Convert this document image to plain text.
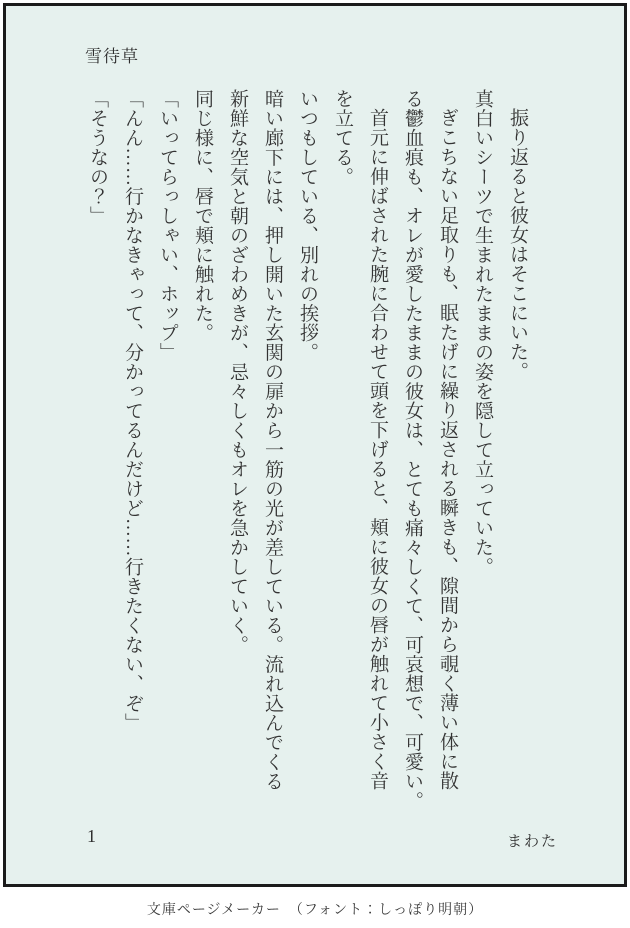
雪待草

振り返ると彼女はそこにいた。

真白いシーツで生まれたままの姿を隠して立っていた。

ぎこちない足取りも、眠たげに繰り返される瞬きも、隙間から覗く薄い体に散

る鬱血痕も、オレが愛したままの彼女は、とても痛々しくて、可哀想で、可愛い。

首元に伸ばされた腕に合わせて頭を下げると、頬に彼女の唇が触れて小さく音

を立てる。

いつもしている、別れの挨拶。

暗い廊下には、押し開いた玄関の扉から一筋の光が差している。流れ込んでくる

新鮮な空気と朝のざわめきが、忌々しくもオレを急かしていく。

同じ様に、唇で頬に触れた。

「いってらっしゃい、ホップ」

「んん……行かなきゃって、分かってるんだけど……行きたくない、ぞ」

「そうなの？」

1	まわた
文庫ページメーカー　（フォント：しっぽり明朝）
